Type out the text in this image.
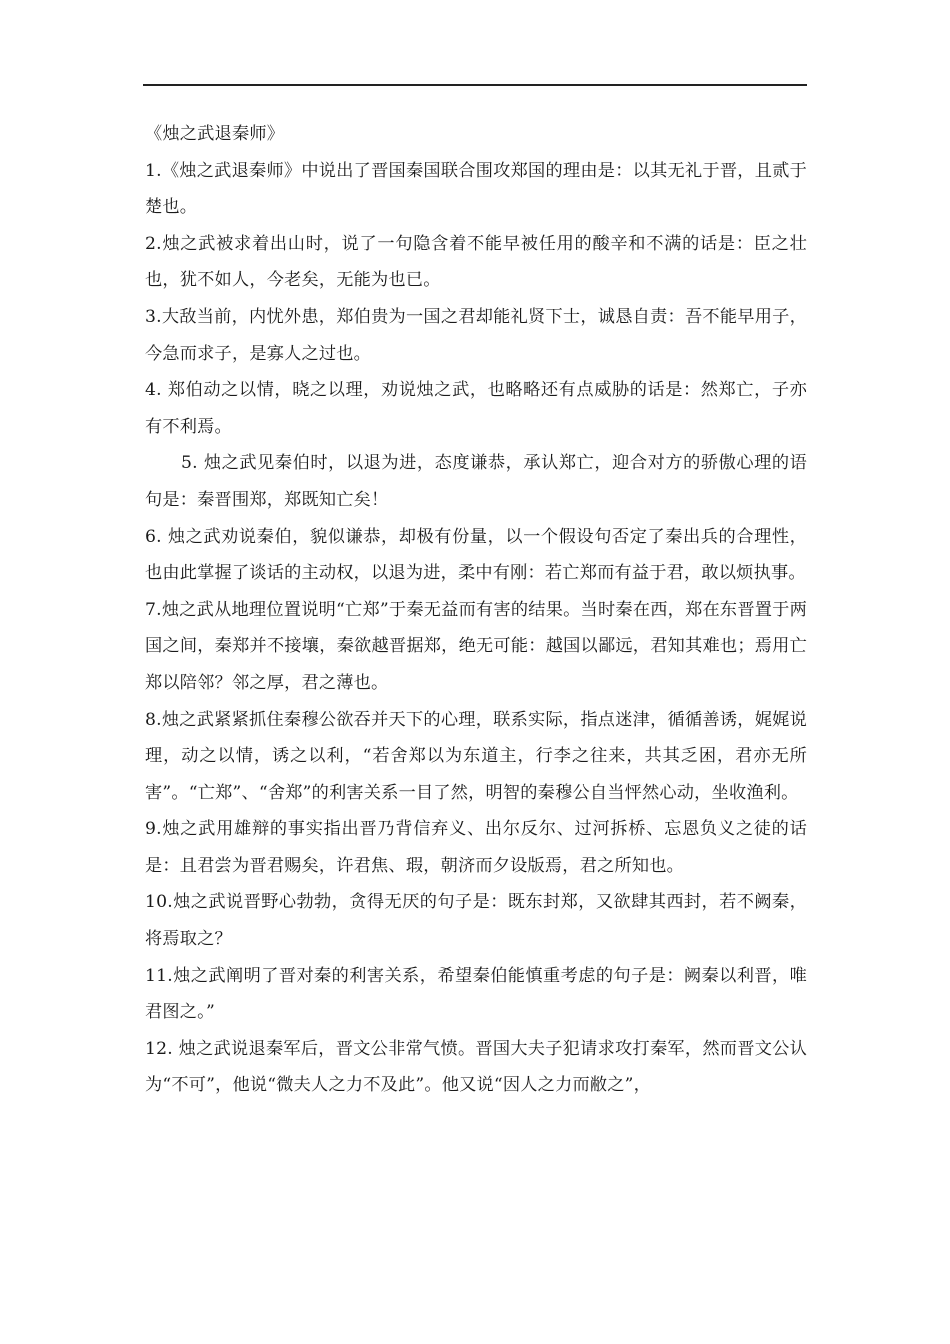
《烛之武退秦师》

1.《烛之武退秦师》中说出了晋国秦国联合围攻郑国的理由是：以其无礼于晋，且贰于楚也。

2.烛之武被求着出山时，说了一句隐含着不能早被任用的酸辛和不满的话是：臣之壮也，犹不如人，今老矣，无能为也已。

3.大敌当前，内忧外患，郑伯贵为一国之君却能礼贤下士，诚恳自责：吾不能早用子，今急而求子，是寡人之过也。

4. 郑伯动之以情，晓之以理，劝说烛之武，也略略还有点威胁的话是：然郑亡，子亦有不利焉。

5. 烛之武见秦伯时，以退为进，态度谦恭，承认郑亡，迎合对方的骄傲心理的语句是：秦晋围郑，郑既知亡矣！

6. 烛之武劝说秦伯，貌似谦恭，却极有份量，以一个假设句否定了秦出兵的合理性，也由此掌握了谈话的主动权，以退为进，柔中有刚：若亡郑而有益于君，敢以烦执事。

7.烛之武从地理位置说明“亡郑”于秦无益而有害的结果。当时秦在西，郑在东晋置于两国之间，秦郑并不接壤，秦欲越晋据郑，绝无可能：越国以鄙远，君知其难也；焉用亡郑以陪邻？邻之厚，君之薄也。

8.烛之武紧紧抓住秦穆公欲吞并天下的心理，联系实际，指点迷津，循循善诱，娓娓说理，动之以情，诱之以利，“若舍郑以为东道主，行李之往来，共其乏困，君亦无所害”。“亡郑”、“舍郑”的利害关系一目了然，明智的秦穆公自当怦然心动，坐收渔利。

9.烛之武用雄辩的事实指出晋乃背信弃义、出尔反尔、过河拆桥、忘恩负义之徒的话是：且君尝为晋君赐矣，许君焦、瑕，朝济而夕设版焉，君之所知也。

10.烛之武说晋野心勃勃，贪得无厌的句子是：既东封郑，又欲肆其西封，若不阙秦，将焉取之？

11.烛之武阐明了晋对秦的利害关系，希望秦伯能慎重考虑的句子是：阙秦以利晋，唯君图之。”

12. 烛之武说退秦军后，晋文公非常气愤。晋国大夫子犯请求攻打秦军，然而晋文公认为“不可”，他说“微夫人之力不及此”。他又说“因人之力而敝之”，
